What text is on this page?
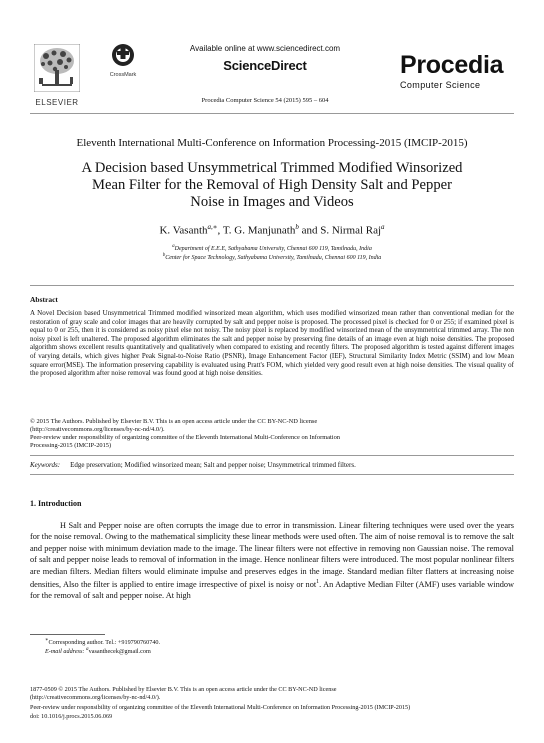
ELSEVIER
CrossMark
Available online at www.sciencedirect.com
ScienceDirect
Procedia Computer Science 54 (2015) 595 – 604
Procedia
Computer Science
Eleventh International Multi-Conference on Information Processing-2015 (IMCIP-2015)
A Decision based Unsymmetrical Trimmed Modified Winsorized
Mean Filter for the Removal of High Density Salt and Pepper
Noise in Images and Videos
K. Vasanth$^{a,∗}$, T. G. Manjunath$^b$ and S. Nirmal Raj$^a$
$^a$Department of E.E.E, Sathyabama University, Chennai 600 119, Tamilnadu, India
$^b$Center for Space Technology, Sathyabama University, Tamilnadu, Chennai 600 119, India
Abstract
A Novel Decision based Unsymmetrical Trimmed modified winsorized mean algorithm, which uses modified winsorized mean rather than conventional median for the restoration of gray scale and color images that are heavily corrupted by salt and pepper noise is proposed. The processed pixel is checked for 0 or 255; if examined pixel is equal to 0 or 255, then it is considered as noisy pixel else not noisy. The noisy pixel is replaced by modified winsorized mean of the unsymmetrical trimmed array. The non noisy pixel is left unaltered. The proposed algorithm eliminates the salt and pepper noise by preserving fine details of an image even at high noise densities. The proposed algorithm shows excellent results quantitatively and qualitatively when compared to existing and recently filters. The proposed algorithm is tested against different images of varying details, which gives higher Peak Signal-to-Noise Ratio (PSNR), Image Enhancement Factor (IEF), Structural Similarity Index Metric (SSIM) and low Mean square error(MSE). The information preserving capability is evaluated using Pratt's FOM, which yielded very good result even at high noise densities. The visual quality of the proposed algorithm after noise removal was found good at high noise densities.
© 2015 The Authors. Published by Elsevier B.V. This is an open access article under the CC BY-NC-ND license
(http://creativecommons.org/licenses/by-nc-nd/4.0/).
Peer-review under responsibility of organizing committee of the Eleventh International Multi-Conference on Information
Processing-2015 (IMCIP-2015)
Keywords: Edge preservation; Modified winsorized mean; Salt and pepper noise; Unsymmetrical trimmed filters.
1. Introduction
H Salt and Pepper noise are often corrupts the image due to error in transmission. Linear filtering techniques were used over the years for the noise removal. Owing to the mathematical simplicity these linear methods were used often. The aim of noise removal is to remove the salt and pepper noise with minimum deviation made to the image. The linear filters were not effective in removing non Gaussian noise. The removal of salt and pepper noise leads to removal of information in the image. Hence nonlinear filters were introduced. The most popular nonlinear filters are median filters. Median filters would eliminate impulse and preserves edges in the image. Standard median filter flatters at increasing noise densities, Also the filter is applied to entire image irrespective of pixel is noisy or not$^1$. An Adaptive Median Filter (AMF) uses variable window for the removal of salt and pepper noise. At high
∗Corresponding author. Tel.: +919790760740.
E-mail address: $^a$vasanthecek@gmail.com
1877-0509 © 2015 The Authors. Published by Elsevier B.V. This is an open access article under the CC BY-NC-ND license
(http://creativecommons.org/licenses/by-nc-nd/4.0/).
Peer-review under responsibility of organizing committee of the Eleventh International Multi-Conference on Information Processing-2015 (IMCIP-2015)
doi: 10.1016/j.procs.2015.06.069
